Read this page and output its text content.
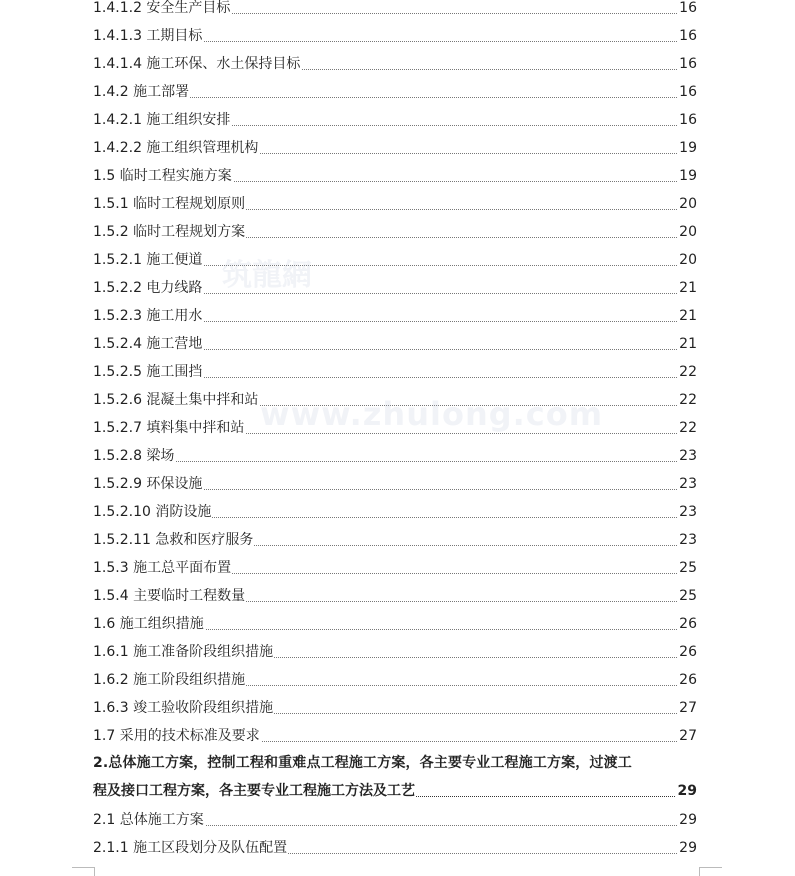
1.4.1.2 安全生产目标	16
1.4.1.3 工期目标	16
1.4.1.4 施工环保、水土保持目标	16
1.4.2 施工部署	16
1.4.2.1 施工组织安排	16
1.4.2.2 施工组织管理机构	19
1.5 临时工程实施方案	19
1.5.1 临时工程规划原则	20
1.5.2 临时工程规划方案	20
1.5.2.1 施工便道	20
1.5.2.2 电力线路	21
1.5.2.3 施工用水	21
1.5.2.4 施工营地	21
1.5.2.5 施工围挡	22
1.5.2.6 混凝土集中拌和站	22
1.5.2.7 填料集中拌和站	22
1.5.2.8 梁场	23
1.5.2.9 环保设施	23
1.5.2.10 消防设施	23
1.5.2.11 急救和医疗服务	23
1.5.3 施工总平面布置	25
1.5.4 主要临时工程数量	25
1.6 施工组织措施	26
1.6.1 施工准备阶段组织措施	26
1.6.2 施工阶段组织措施	26
1.6.3 竣工验收阶段组织措施	27
1.7 采用的技术标准及要求	27
2.总体施工方案，控制工程和重难点工程施工方案，各主要专业工程施工方案，过渡工
程及接口工程方案，各主要专业工程施工方法及工艺	29
2.1 总体施工方案	29
2.1.1 施工区段划分及队伍配置	29
筑龍網
www.zhulong.com
